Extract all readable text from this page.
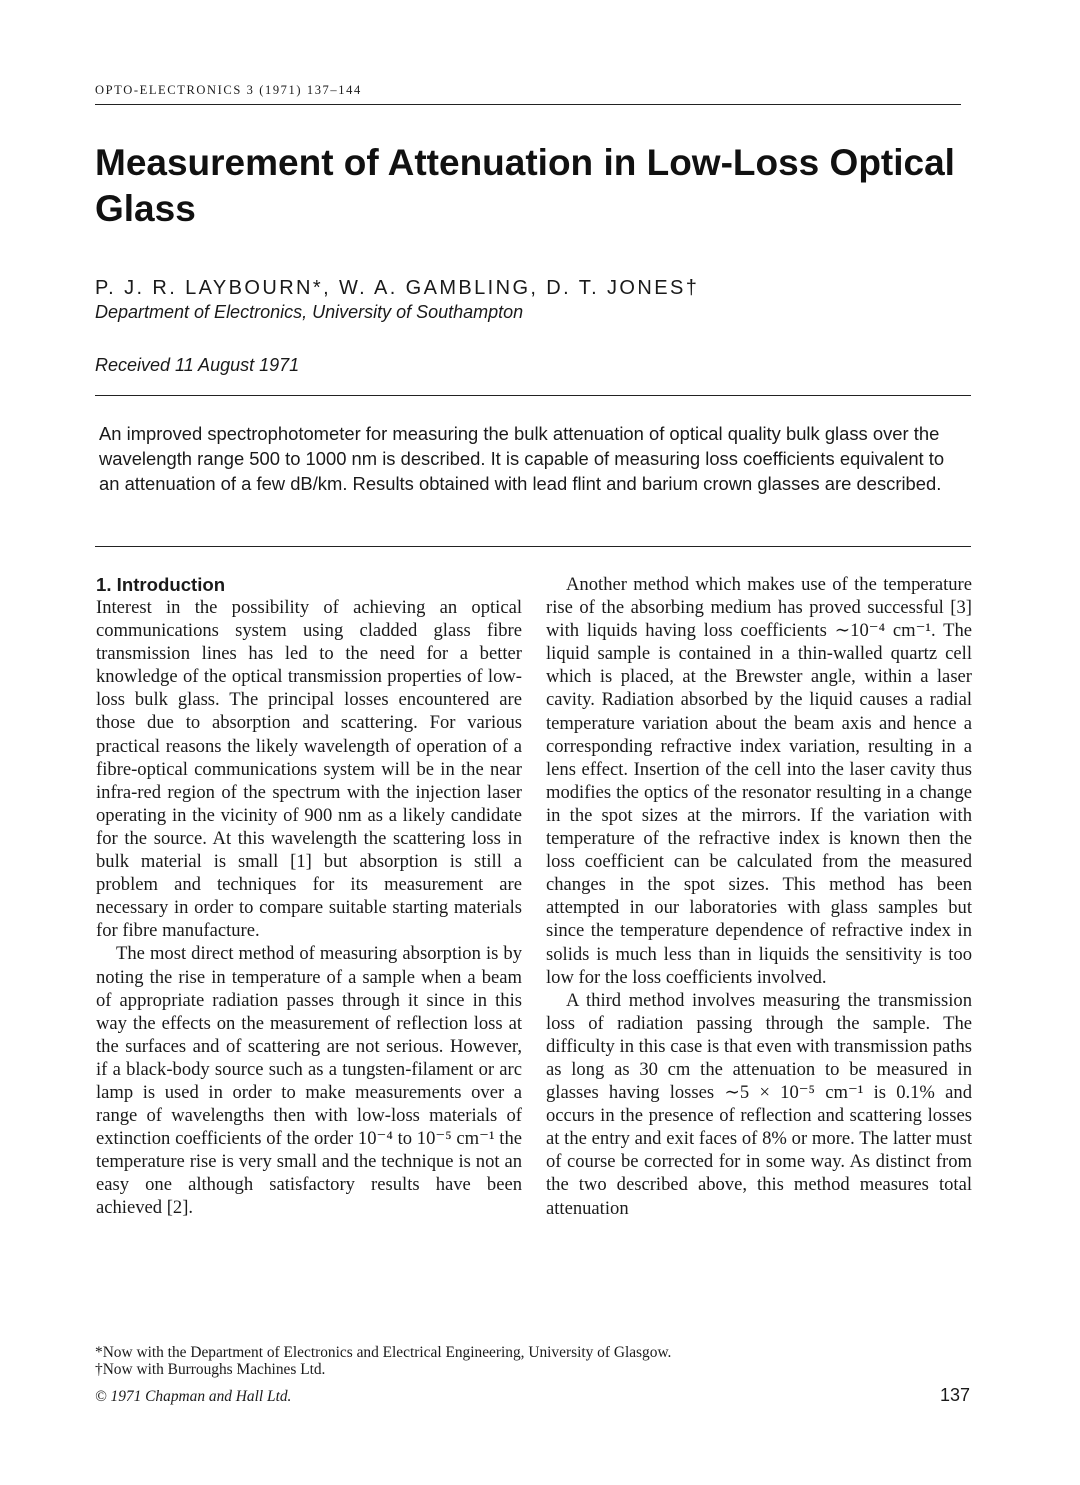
OPTO-ELECTRONICS 3 (1971) 137–144
Measurement of Attenuation in Low-Loss Optical Glass
P. J. R. LAYBOURN*, W. A. GAMBLING, D. T. JONES†
Department of Electronics, University of Southampton
Received 11 August 1971
An improved spectrophotometer for measuring the bulk attenuation of optical quality bulk glass over the wavelength range 500 to 1000 nm is described. It is capable of measuring loss coefficients equivalent to an attenuation of a few dB/km. Results obtained with lead flint and barium crown glasses are described.
1. Introduction

Interest in the possibility of achieving an optical communications system using cladded glass fibre transmission lines has led to the need for a better knowledge of the optical transmission properties of low-loss bulk glass. The principal losses encountered are those due to absorption and scattering. For various practical reasons the likely wavelength of operation of a fibre-optical communications system will be in the near infra-red region of the spectrum with the injection laser operating in the vicinity of 900 nm as a likely candidate for the source. At this wavelength the scattering loss in bulk material is small [1] but absorption is still a problem and techniques for its measurement are necessary in order to compare suitable starting materials for fibre manufacture.

The most direct method of measuring absorption is by noting the rise in temperature of a sample when a beam of appropriate radiation passes through it since in this way the effects on the measurement of reflection loss at the surfaces and of scattering are not serious. However, if a black-body source such as a tungsten-filament or arc lamp is used in order to make measurements over a range of wavelengths then with low-loss materials of extinction coefficients of the order 10⁻⁴ to 10⁻⁵ cm⁻¹ the temperature rise is very small and the technique is not an easy one although satisfactory results have been achieved [2].

Another method which makes use of the temperature rise of the absorbing medium has proved successful [3] with liquids having loss coefficients ∼10⁻⁴ cm⁻¹. The liquid sample is contained in a thin-walled quartz cell which is placed, at the Brewster angle, within a laser cavity. Radiation absorbed by the liquid causes a radial temperature variation about the beam axis and hence a corresponding refractive index variation, resulting in a lens effect. Insertion of the cell into the laser cavity thus modifies the optics of the resonator resulting in a change in the spot sizes at the mirrors. If the variation with temperature of the refractive index is known then the loss coefficient can be calculated from the measured changes in the spot sizes. This method has been attempted in our laboratories with glass samples but since the temperature dependence of refractive index in solids is much less than in liquids the sensitivity is too low for the loss coefficients involved.

A third method involves measuring the transmission loss of radiation passing through the sample. The difficulty in this case is that even with transmission paths as long as 30 cm the attenuation to be measured in glasses having losses ∼5 × 10⁻⁵ cm⁻¹ is 0.1% and occurs in the presence of reflection and scattering losses at the entry and exit faces of 8% or more. The latter must of course be corrected for in some way. As distinct from the two described above, this method measures total attenuation

*Now with the Department of Electronics and Electrical Engineering, University of Glasgow.
†Now with Burroughs Machines Ltd.
© 1971 Chapman and Hall Ltd.	137
